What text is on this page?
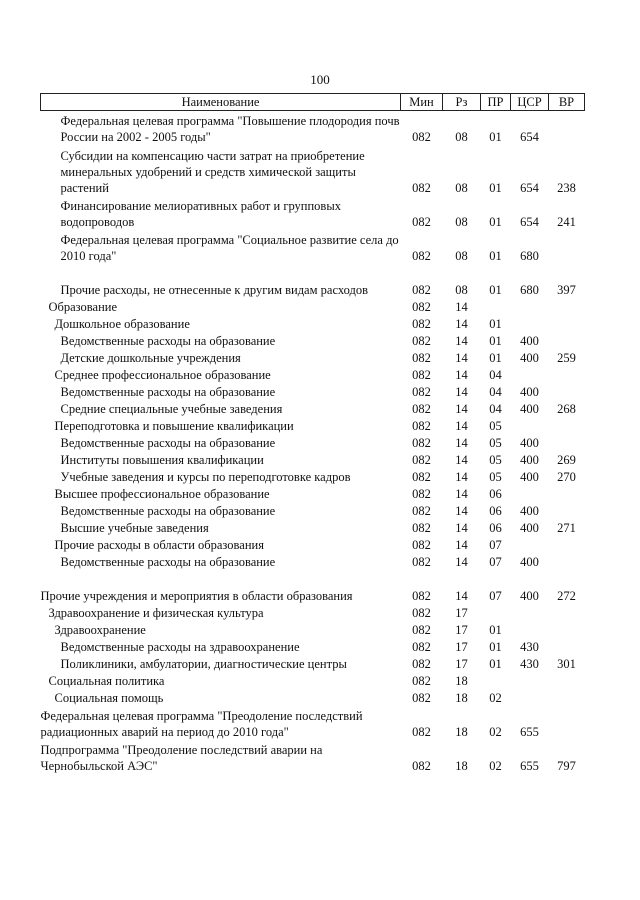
100
Наименование	Мин	Рз	ПР	ЦСР	ВР
Федеральная целевая программа "Повышение плодородия почв России на 2002 - 2005 годы"	082	08	01	654	
Субсидии на компенсацию части затрат на приобретение минеральных удобрений и средств химической защиты растений	082	08	01	654	238
Финансирование мелиоративных работ и групповых водопроводов	082	08	01	654	241
Федеральная целевая программа "Социальное развитие села до 2010 года"	082	08	01	680	
Прочие расходы, не отнесенные к другим видам расходов	082	08	01	680	397
Образование	082	14			
Дошкольное образование	082	14	01		
Ведомственные расходы на образование	082	14	01	400	
Детские дошкольные учреждения	082	14	01	400	259
Среднее профессиональное образование	082	14	04		
Ведомственные расходы на образование	082	14	04	400	
Средние специальные учебные заведения	082	14	04	400	268
Переподготовка и повышение квалификации	082	14	05		
Ведомственные расходы на образование	082	14	05	400	
Институты повышения квалификации	082	14	05	400	269
Учебные заведения и курсы по переподготовке кадров	082	14	05	400	270
Высшее профессиональное образование	082	14	06		
Ведомственные расходы на образование	082	14	06	400	
Высшие учебные заведения	082	14	06	400	271
Прочие расходы в области образования	082	14	07		
Ведомственные расходы на образование	082	14	07	400	
Прочие учреждения и мероприятия в области образования	082	14	07	400	272
Здравоохранение и физическая культура	082	17			
Здравоохранение	082	17	01		
Ведомственные расходы на здравоохранение	082	17	01	430	
Поликлиники, амбулатории, диагностические центры	082	17	01	430	301
Социальная политика	082	18			
Социальная помощь	082	18	02		
Федеральная целевая программа "Преодоление последствий радиационных аварий на период до 2010 года"	082	18	02	655	
Подпрограмма "Преодоление последствий аварии на Чернобыльской АЭС"	082	18	02	655	797
